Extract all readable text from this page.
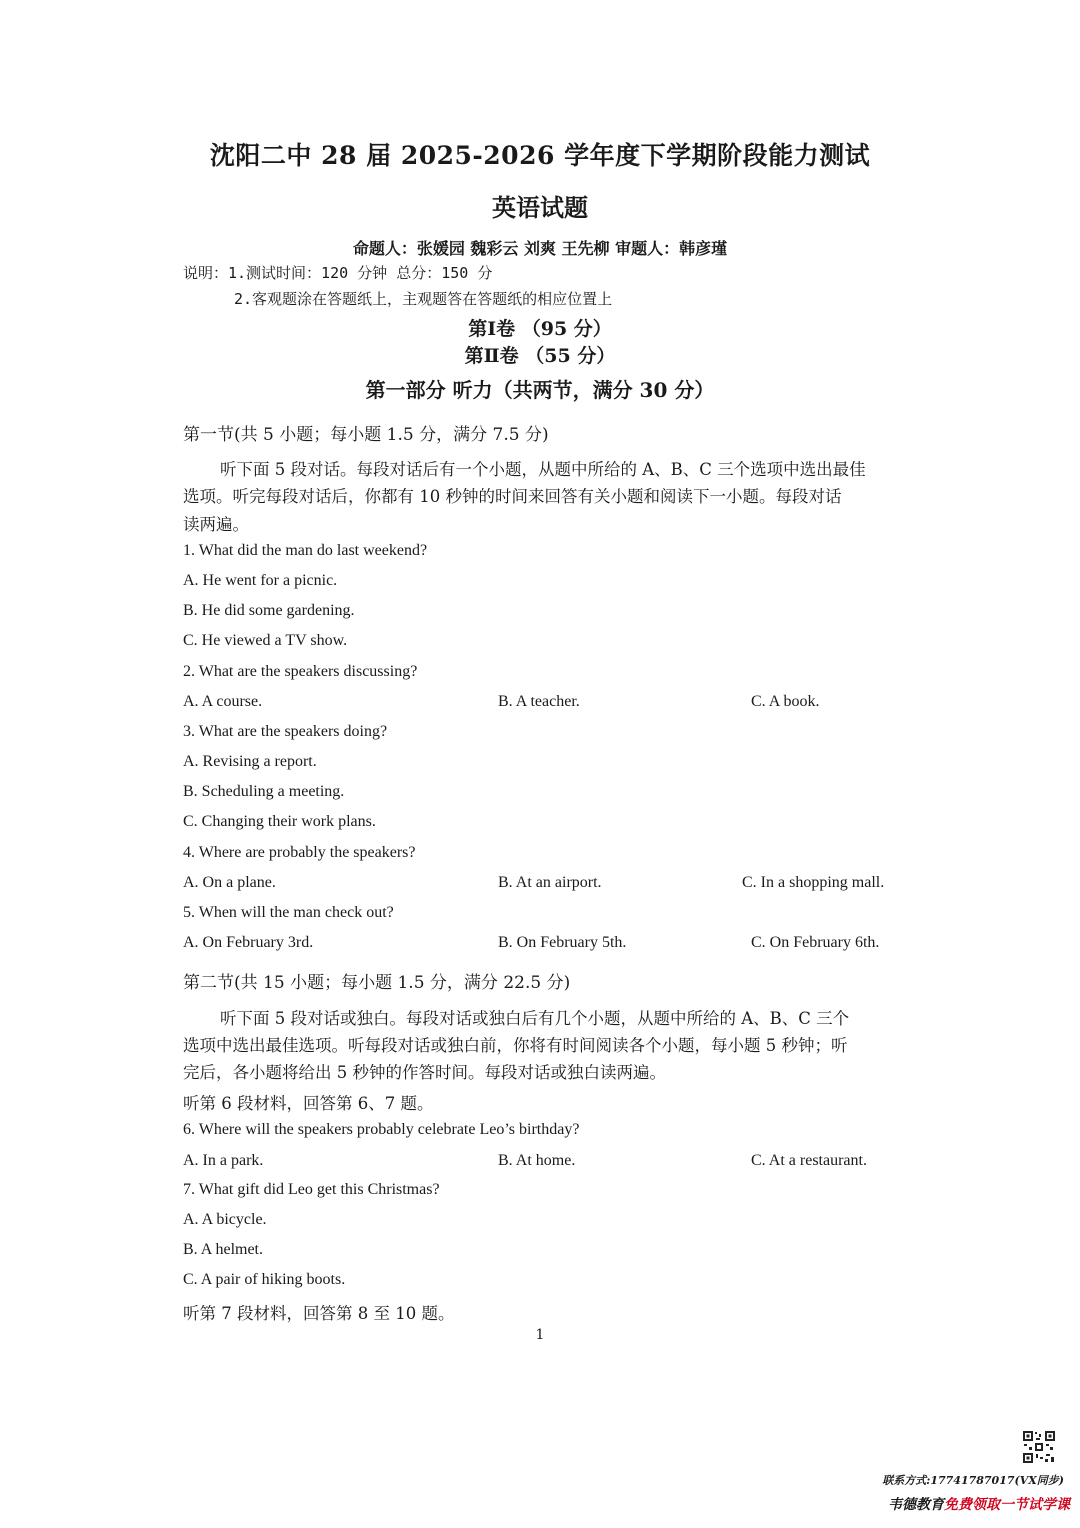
沈阳二中 28 届 2025-2026 学年度下学期阶段能力测试
英语试题
命题人：张媛园 魏彩云 刘爽 王先柳 审题人：韩彦瑾
说明：1.测试时间：120 分钟 总分：150 分
2.客观题涂在答题纸上，主观题答在答题纸的相应位置上
第Ⅰ卷 （95 分）
第Ⅱ卷 （55 分）
第一部分 听力（共两节，满分 30 分）
第一节(共 5 小题；每小题 1.5 分，满分 7.5 分)
听下面 5 段对话。每段对话后有一个小题，从题中所给的 A、B、C 三个选项中选出最佳
选项。听完每段对话后，你都有 10 秒钟的时间来回答有关小题和阅读下一小题。每段对话
读两遍。
1. What did the man do last weekend?
A. He went for a picnic.
B. He did some gardening.
C. He viewed a TV show.
2. What are the speakers discussing?
A. A course.	B. A teacher.	C. A book.
3. What are the speakers doing?
A. Revising a report.
B. Scheduling a meeting.
C. Changing their work plans.
4. Where are probably the speakers?
A. On a plane.	B. At an airport.	C. In a shopping mall.
5. When will the man check out?
A. On February 3rd.	B. On February 5th.	C. On February 6th.
第二节(共 15 小题；每小题 1.5 分，满分 22.5 分)
听下面 5 段对话或独白。每段对话或独白后有几个小题，从题中所给的 A、B、C 三个
选项中选出最佳选项。听每段对话或独白前，你将有时间阅读各个小题，每小题 5 秒钟；听
完后，各小题将给出 5 秒钟的作答时间。每段对话或独白读两遍。
听第 6 段材料，回答第 6、7 题。
6. Where will the speakers probably celebrate Leo’s birthday?
A. In a park.	B. At home.	C. At a restaurant.
7. What gift did Leo get this Christmas?
A. A bicycle.
B. A helmet.
C. A pair of hiking boots.
听第 7 段材料，回答第 8 至 10 题。
1
联系方式:17741787017(VX同步)
韦德教育免费领取一节试学课
